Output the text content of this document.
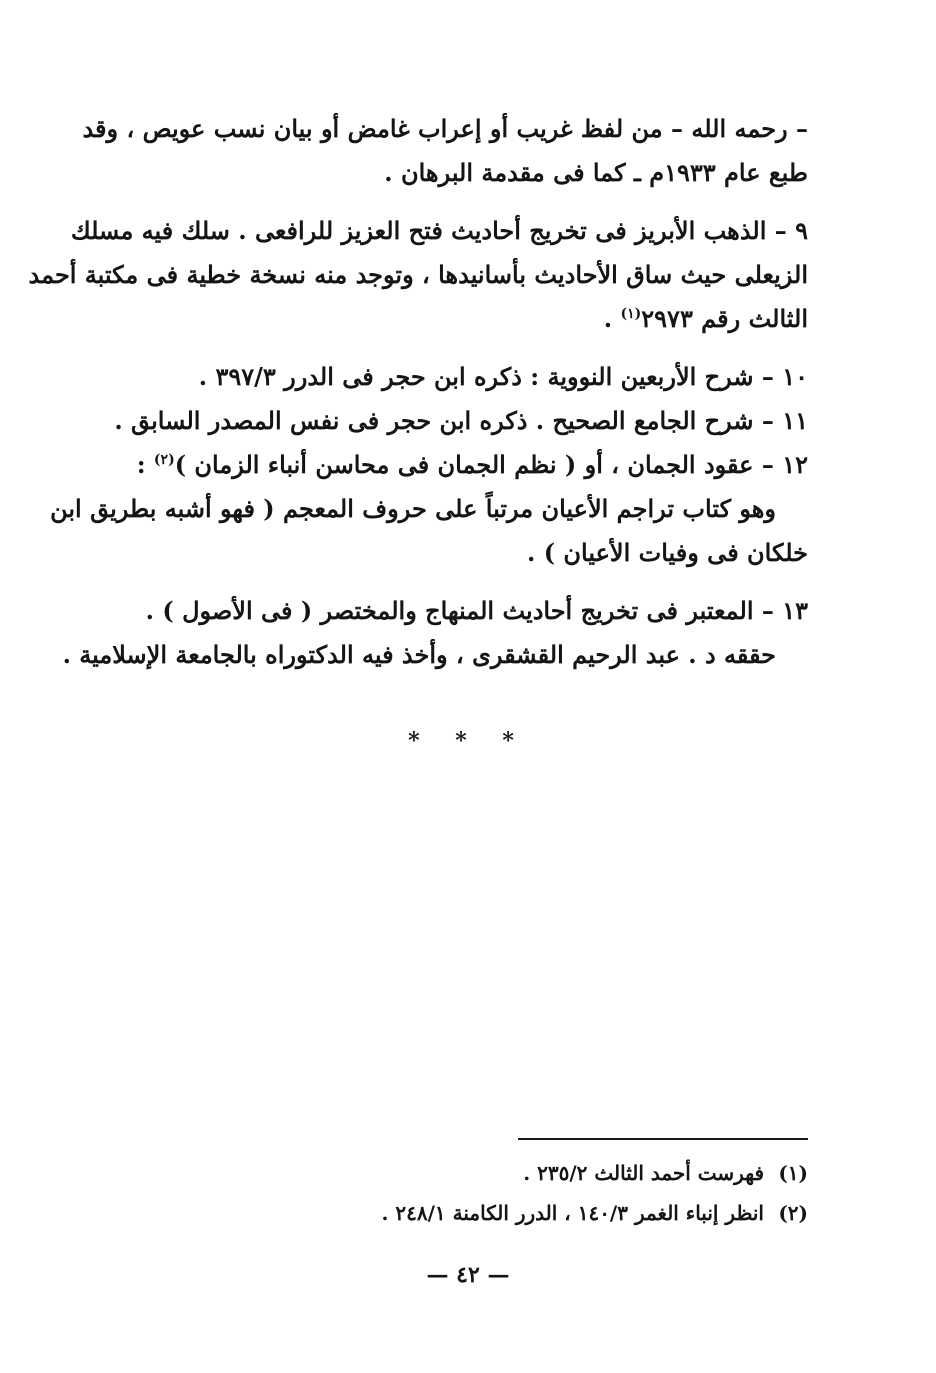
– رحمه الله – من لفظ غريب أو إعراب غامض أو بيان نسب عويص ، وقد
طبع عام ١٩٣٣م ـ كما فى مقدمة البرهان .
٩ – الذهب الأبريز فى تخريج أحاديث فتح العزيز للرافعى . سلك فيه مسلك
الزيعلى حيث ساق الأحاديث بأسانيدها ، وتوجد منه نسخة خطية فى مكتبة أحمد
الثالث رقم ٢٩٧٣$^{(١)}$ .
١٠ – شرح الأربعين النووية : ذكره ابن حجر فى الدرر ٣٩٧/٣ .
١١ – شرح الجامع الصحيح . ذكره ابن حجر فى نفس المصدر السابق .
١٢ – عقود الجمان ، أو ( نظم الجمان فى محاسن أنباء الزمان )$^{(٢)}$ :
وهو كتاب تراجم الأعيان مرتباً على حروف المعجم ( فهو أشبه بطريق ابن
خلكان فى وفيات الأعيان ) .
١٣ – المعتبر فى تخريج أحاديث المنهاج والمختصر ( فى الأصول ) .
حققه د . عبد الرحيم القشقرى ، وأخذ فيه الدكتوراه بالجامعة الإسلامية .
* * *
(١)فهرست أحمد الثالث ٢٣٥/٢ .
(٢)انظر إنباء الغمر ١٤٠/٣ ، الدرر الكامنة ٢٤٨/١ .
— ٤٢ —
